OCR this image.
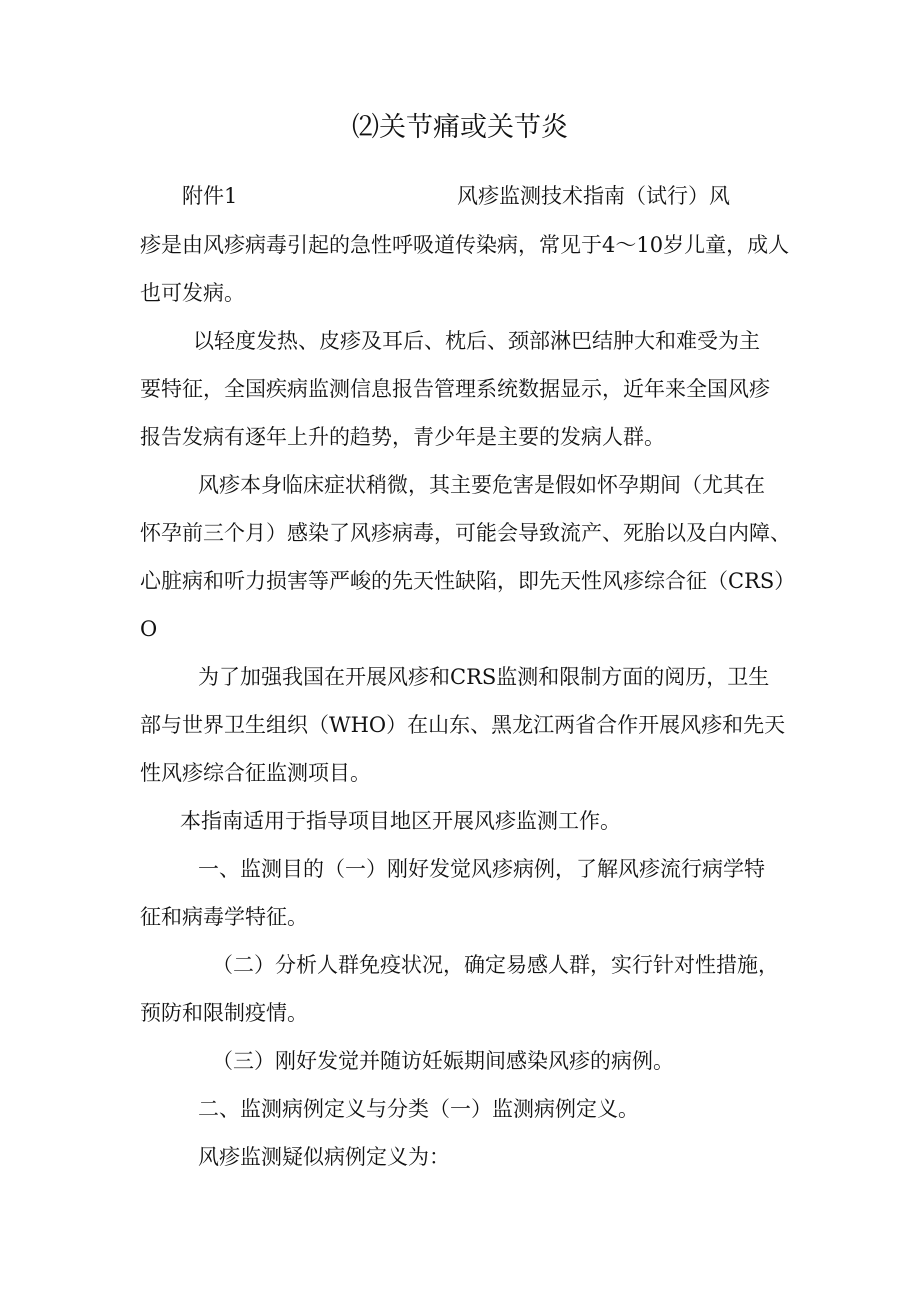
⑵关节痛或关节炎
附件1	风疹监测技术指南（试行）风
疹是由风疹病毒引起的急性呼吸道传染病，常见于4～10岁儿童，成人
也可发病。
以轻度发热、皮疹及耳后、枕后、颈部淋巴结肿大和难受为主
要特征，全国疾病监测信息报告管理系统数据显示，近年来全国风疹
报告发病有逐年上升的趋势，青少年是主要的发病人群。
风疹本身临床症状稍微，其主要危害是假如怀孕期间（尤其在
怀孕前三个月）感染了风疹病毒，可能会导致流产、死胎以及白内障、
心脏病和听力损害等严峻的先天性缺陷，即先天性风疹综合征（CRS）
O
为了加强我国在开展风疹和CRS监测和限制方面的阅历，卫生
部与世界卫生组织（WHO）在山东、黑龙江两省合作开展风疹和先天
性风疹综合征监测项目。
本指南适用于指导项目地区开展风疹监测工作。
一、监测目的（一）刚好发觉风疹病例，了解风疹流行病学特
征和病毒学特征。
（二）分析人群免疫状况，确定易感人群，实行针对性措施，
预防和限制疫情。
（三）刚好发觉并随访妊娠期间感染风疹的病例。
二、监测病例定义与分类（一）监测病例定义。
风疹监测疑似病例定义为：
